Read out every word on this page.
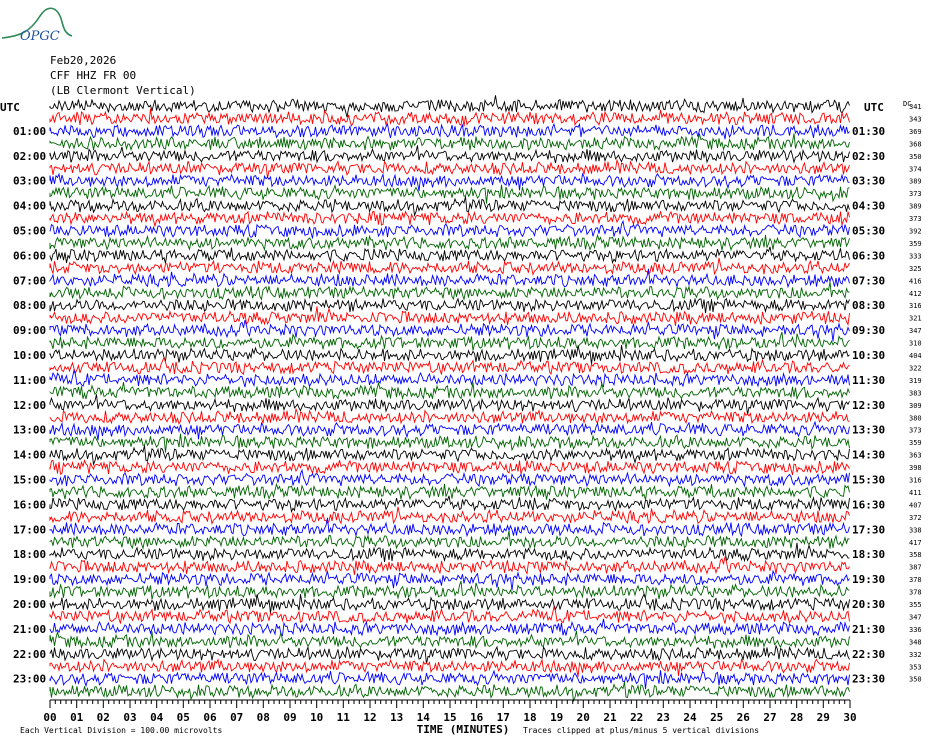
OPGC
Feb20,2026
CFF HHZ FR 00
(LB Clermont Vertical)
UTC	UTC	DC
01:00
02:00
03:00
04:00
05:00
06:00
07:00
08:00
09:00
10:00
11:00
12:00
13:00
14:00
15:00
16:00
17:00
18:00
19:00
20:00
21:00
22:00
23:00
01:30
02:30
03:30
04:30
05:30
06:30
07:30
08:30
09:30
10:30
11:30
12:30
13:30
14:30
15:30
16:30
17:30
18:30
19:30
20:30
21:30
22:30
23:30
341
343
369
368
350
374
389
373
389
373
392
359
333
325
416
412
316
321
347
310
404
322
319
383
309
380
373
359
363
398
316
411
407
372
338
417
358
387
378
378
355
347
336
348
332
353
350
00 01 02 03 04 05 06 07 08 09 10 11 12 13 14 15 16 17 18 19 20 21 22 23 24 25 26 27 28 29 30
TIME (MINUTES)
Each Vertical Division = 100.00 microvolts	Traces clipped at plus/minus 5 vertical divisions
